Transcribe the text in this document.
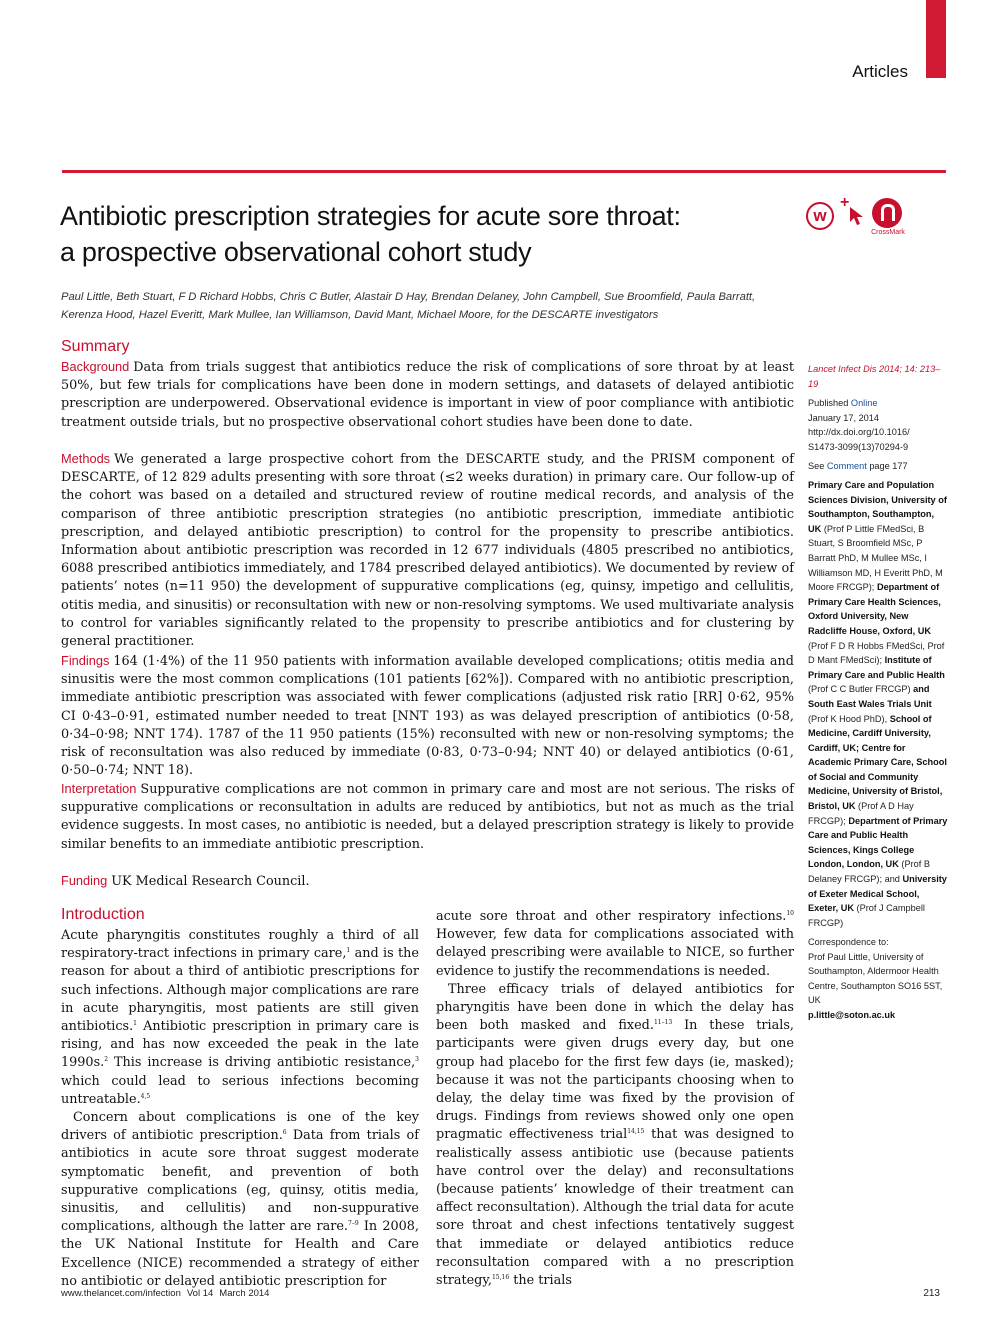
Articles
Antibiotic prescription strategies for acute sore throat:
a prospective observational cohort study
w
+
CrossMark
Paul Little, Beth Stuart, F D Richard Hobbs, Chris C Butler, Alastair D Hay, Brendan Delaney, John Campbell, Sue Broomfield, Paula Barratt,
Kerenza Hood, Hazel Everitt, Mark Mullee, Ian Williamson, David Mant, Michael Moore, for the DESCARTE investigators
Summary
Background Data from trials suggest that antibiotics reduce the risk of complications of sore throat by at least 50%, but few trials for complications have been done in modern settings, and datasets of delayed antibiotic prescription are underpowered. Observational evidence is important in view of poor compliance with antibiotic treatment outside trials, but no prospective observational cohort studies have been done to date.
Methods We generated a large prospective cohort from the DESCARTE study, and the PRISM component of DESCARTE, of 12 829 adults presenting with sore throat (≤2 weeks duration) in primary care. Our follow-up of the cohort was based on a detailed and structured review of routine medical records, and analysis of the comparison of three antibiotic prescription strategies (no antibiotic prescription, immediate antibiotic prescription, and delayed antibiotic prescription) to control for the propensity to prescribe antibiotics. Information about antibiotic prescription was recorded in 12 677 individuals (4805 prescribed no antibiotics, 6088 prescribed antibiotics immediately, and 1784 prescribed delayed antibiotics). We documented by review of patients’ notes (n=11 950) the development of suppurative complications (eg, quinsy, impetigo and cellulitis, otitis media, and sinusitis) or reconsultation with new or non-resolving symptoms. We used multivariate analysis to control for variables significantly related to the propensity to prescribe antibiotics and for clustering by general practitioner.
Findings 164 (1·4%) of the 11 950 patients with information available developed complications; otitis media and sinusitis were the most common complications (101 patients [62%]). Compared with no antibiotic prescription, immediate antibiotic prescription was associated with fewer complications (adjusted risk ratio [RR] 0·62, 95% CI 0·43–0·91, estimated number needed to treat [NNT 193) as was delayed prescription of antibiotics (0·58, 0·34–0·98; NNT 174). 1787 of the 11 950 patients (15%) reconsulted with new or non-resolving symptoms; the risk of reconsultation was also reduced by immediate (0·83, 0·73–0·94; NNT 40) or delayed antibiotics (0·61, 0·50–0·74; NNT 18).
Interpretation Suppurative complications are not common in primary care and most are not serious. The risks of suppurative complications or reconsultation in adults are reduced by antibiotics, but not as much as the trial evidence suggests. In most cases, no antibiotic is needed, but a delayed prescription strategy is likely to provide similar benefits to an immediate antibiotic prescription.
Funding UK Medical Research Council.
Lancet Infect Dis 2014; 14: 213–19
Published Online
January 17, 2014
http://dx.doi.org/10.1016/
S1473-3099(13)70294-9
See Comment page 177
Primary Care and Population Sciences Division, University of Southampton, Southampton, UK (Prof P Little FMedSci, B Stuart, S Broomfield MSc, P Barratt PhD, M Mullee MSc, I Williamson MD, H Everitt PhD, M Moore FRCGP); Department of Primary Care Health Sciences, Oxford University, New Radcliffe House, Oxford, UK (Prof F D R Hobbs FMedSci, Prof D Mant FMedSci); Institute of Primary Care and Public Health (Prof C C Butler FRCGP) and South East Wales Trials Unit (Prof K Hood PhD), School of Medicine, Cardiff University, Cardiff, UK; Centre for Academic Primary Care, School of Social and Community Medicine, University of Bristol, Bristol, UK (Prof A D Hay FRCGP); Department of Primary Care and Public Health Sciences, Kings College London, London, UK (Prof B Delaney FRCGP); and University of Exeter Medical School, Exeter, UK (Prof J Campbell FRCGP)
Correspondence to:
Prof Paul Little, University of Southampton, Aldermoor Health Centre, Southampton SO16 5ST, UK
p.little@soton.ac.uk
Introduction

Acute pharyngitis constitutes roughly a third of all respiratory-tract infections in primary care,$^1$ and is the reason for about a third of antibiotic prescriptions for such infections. Although major complications are rare in acute pharyngitis, most patients are still given antibiotics.$^1$ Antibiotic prescription in primary care is rising, and has now exceeded the peak in the late 1990s.$^2$ This increase is driving antibiotic resistance,$^3$ which could lead to serious infections becoming untreatable.$^{4,5}$

Concern about complications is one of the key drivers of antibiotic prescription.$^6$ Data from trials of antibiotics in acute sore throat suggest moderate symptomatic benefit, and prevention of both suppurative complications (eg, quinsy, otitis media, sinusitis, and cellulitis) and non-suppurative complications, although the latter are rare.$^{7-9}$ In 2008, the UK National Institute for Health and Care Excellence (NICE) recommended a strategy of either no antibiotic or delayed antibiotic prescription for

acute sore throat and other respiratory infections.$^{10}$ However, few data for complications associated with delayed prescribing were available to NICE, so further evidence to justify the recommendations is needed.

Three efficacy trials of delayed antibiotics for pharyngitis have been done in which the delay has been both masked and fixed.$^{11-13}$ In these trials, participants were given drugs every day, but one group had placebo for the first few days (ie, masked); because it was not the participants choosing when to delay, the delay time was fixed by the provision of drugs. Findings from reviews showed only one open pragmatic effectiveness trial$^{14,15}$ that was designed to realistically assess antibiotic use (because patients have control over the delay) and reconsultations (because patients’ knowledge of their treatment can affect reconsultation). Although the trial data for acute sore throat and chest infections tentatively suggest that immediate or delayed antibiotics reduce reconsultation compared with a no prescription strategy,$^{15,16}$ the trials

www.thelancet.com/infection Vol 14 March 2014	213
